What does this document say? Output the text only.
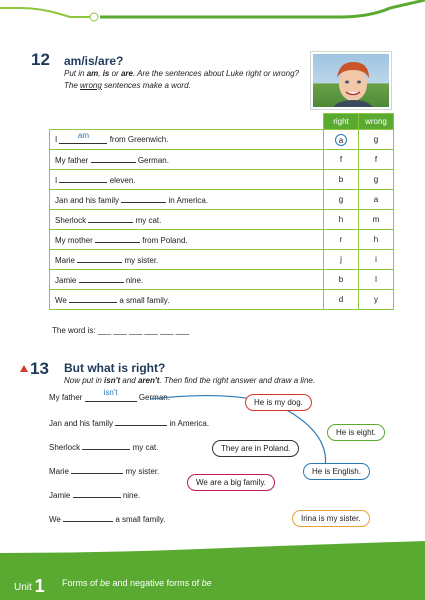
12 am/is/are?
Put in am, is or are. Are the sentences about Luke right or wrong?
The wrong sentences make a word.
	right	wrong
I am from Greenwich.	a	g
My father German.	f	f
I eleven.	b	g
Jan and his family in America.	g	a
Sherlock my cat.	h	m
My mother from Poland.	r	h
Marie my sister.	j	i
Jamie nine.	b	l
We a small family.	d	y
The word is: ___ ___ ___ ___ ___ ___
13 But what is right?
Now put in isn't and aren't. Then find the right answer and draw a line.
My father isn't German.
Jan and his family	in America.
Sherlock	my cat.
Marie	my sister.
Jamie	nine.
We	a small family.
He is my dog.
He is eight.
They are in Poland.
He is English.
We are a big family.
Irina is my sister.
Unit 1 Forms of be and negative forms of be
